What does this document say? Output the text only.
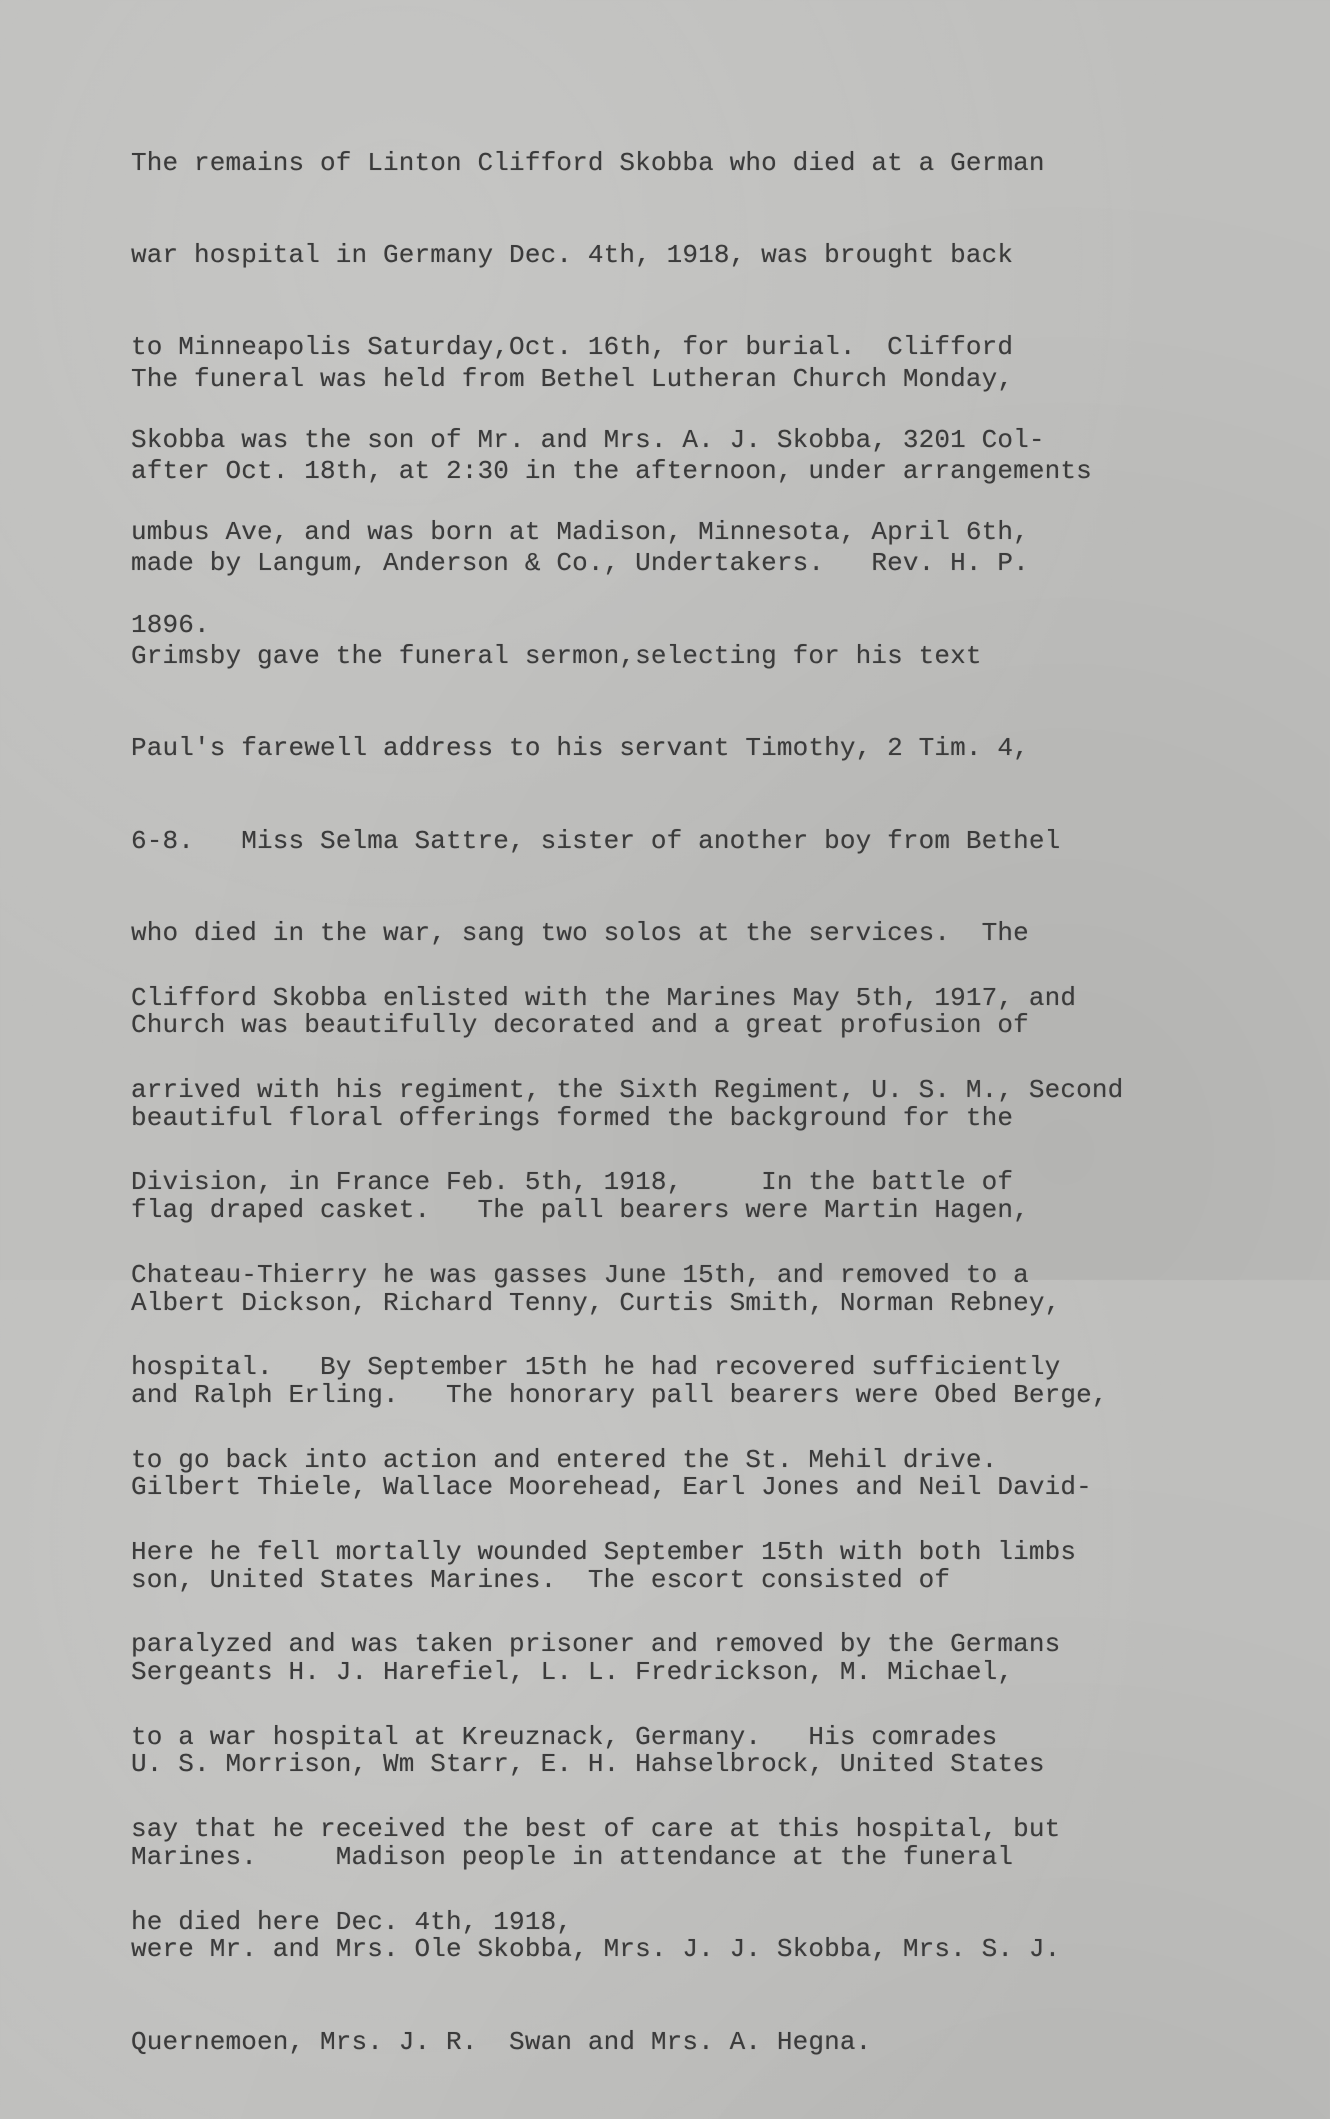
The remains of Linton Clifford Skobba who died at a German

war hospital in Germany Dec. 4th, 1918, was brought back

to Minneapolis Saturday,Oct. 16th, for burial.  Clifford

Skobba was the son of Mr. and Mrs. A. J. Skobba, 3201 Col-

umbus Ave, and was born at Madison, Minnesota, April 6th,

1896.

The funeral was held from Bethel Lutheran Church Monday,

after Oct. 18th, at 2:30 in the afternoon, under arrangements

made by Langum, Anderson & Co., Undertakers.   Rev. H. P.

Grimsby gave the funeral sermon,selecting for his text

Paul's farewell address to his servant Timothy, 2 Tim. 4,

6-8.   Miss Selma Sattre, sister of another boy from Bethel

who died in the war, sang two solos at the services.  The

Church was beautifully decorated and a great profusion of

beautiful floral offerings formed the background for the

flag draped casket.   The pall bearers were Martin Hagen,

Albert Dickson, Richard Tenny, Curtis Smith, Norman Rebney,

and Ralph Erling.   The honorary pall bearers were Obed Berge,

Gilbert Thiele, Wallace Moorehead, Earl Jones and Neil David-

son, United States Marines.  The escort consisted of

Sergeants H. J. Harefiel, L. L. Fredrickson, M. Michael,

U. S. Morrison, Wm Starr, E. H. Hahselbrock, United States

Marines.     Madison people in attendance at the funeral

were Mr. and Mrs. Ole Skobba, Mrs. J. J. Skobba, Mrs. S. J.

Quernemoen, Mrs. J. R.  Swan and Mrs. A. Hegna.

Clifford Skobba enlisted with the Marines May 5th, 1917, and

arrived with his regiment, the Sixth Regiment, U. S. M., Second

Division, in France Feb. 5th, 1918,     In the battle of

Chateau-Thierry he was gasses June 15th, and removed to a

hospital.   By September 15th he had recovered sufficiently

to go back into action and entered the St. Mehil drive.

Here he fell mortally wounded September 15th with both limbs

paralyzed and was taken prisoner and removed by the Germans

to a war hospital at Kreuznack, Germany.   His comrades

say that he received the best of care at this hospital, but

he died here Dec. 4th, 1918,
